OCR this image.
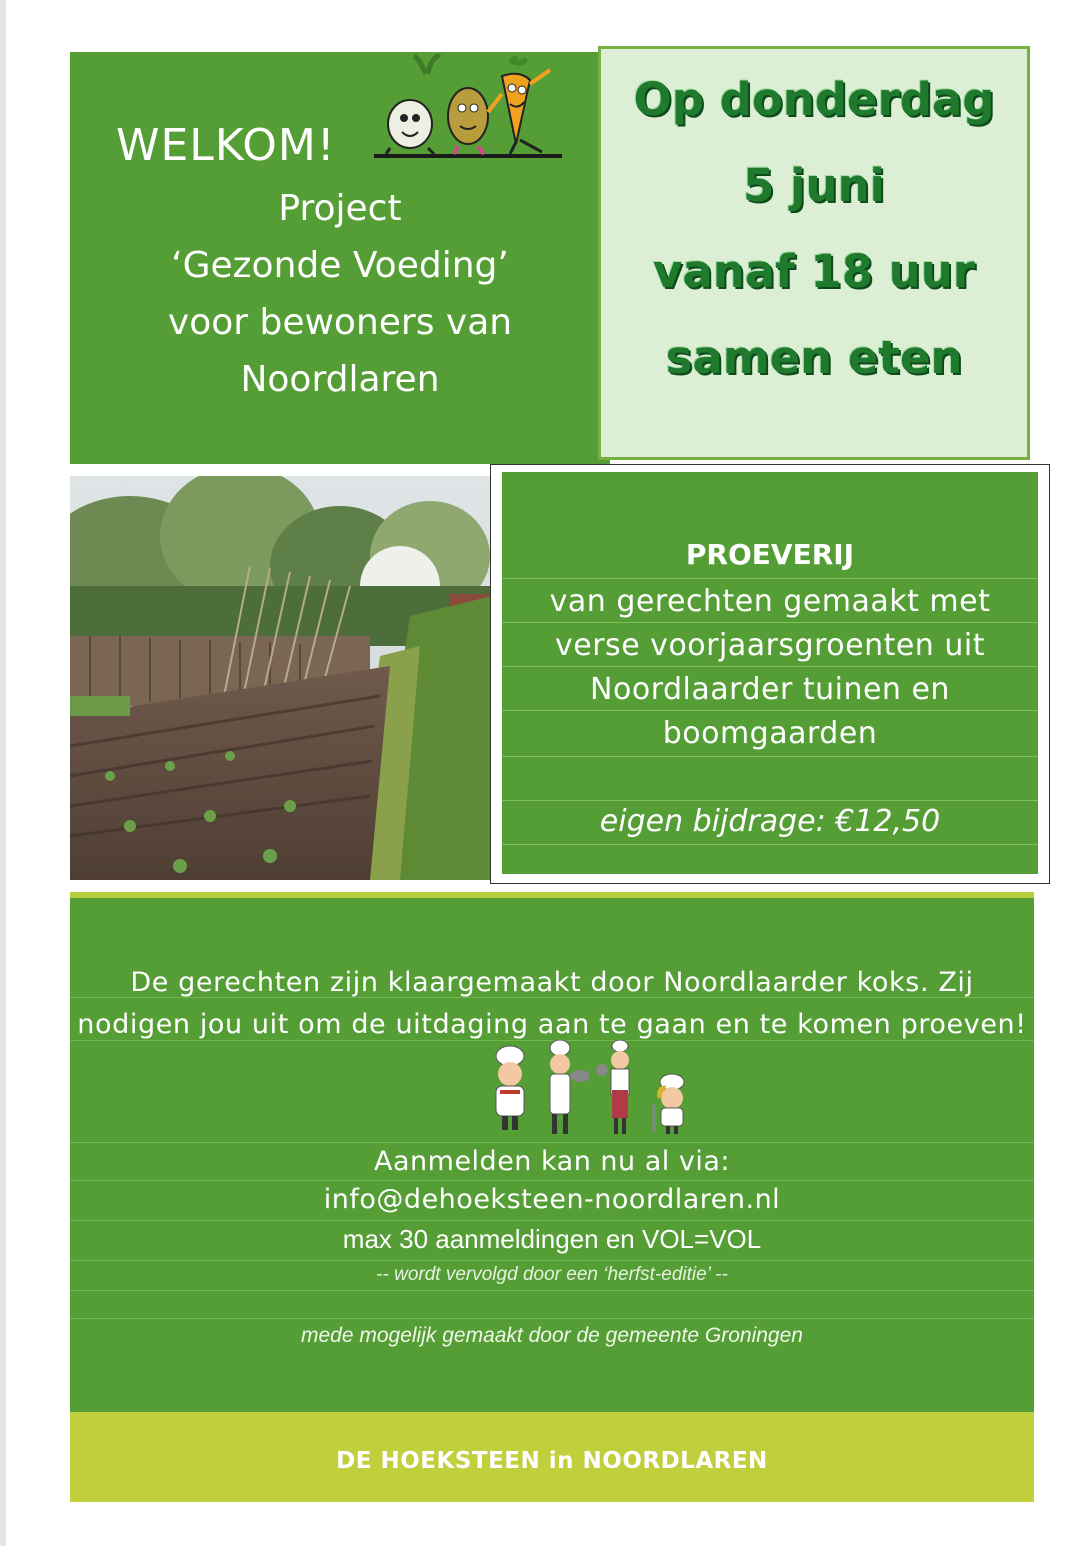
WELKOM!
Project
‘Gezonde Voeding’
voor bewoners van
Noordlaren
Op donderdag
5 juni
vanaf 18 uur
samen eten
PROEVERIJ
van gerechten gemaakt met
verse voorjaarsgroenten uit
Noordlaarder tuinen en
boomgaarden
eigen bijdrage: €12,50
De gerechten zijn klaargemaakt door Noordlaarder koks. Zij
nodigen jou uit om de uitdaging aan te gaan en te komen proeven!
Aanmelden kan nu al via:
info@dehoeksteen-noordlaren.nl
max 30 aanmeldingen en VOL=VOL
-- wordt vervolgd door een ‘herfst-editie’ --
mede mogelijk gemaakt door de gemeente Groningen
DE HOEKSTEEN in NOORDLAREN
